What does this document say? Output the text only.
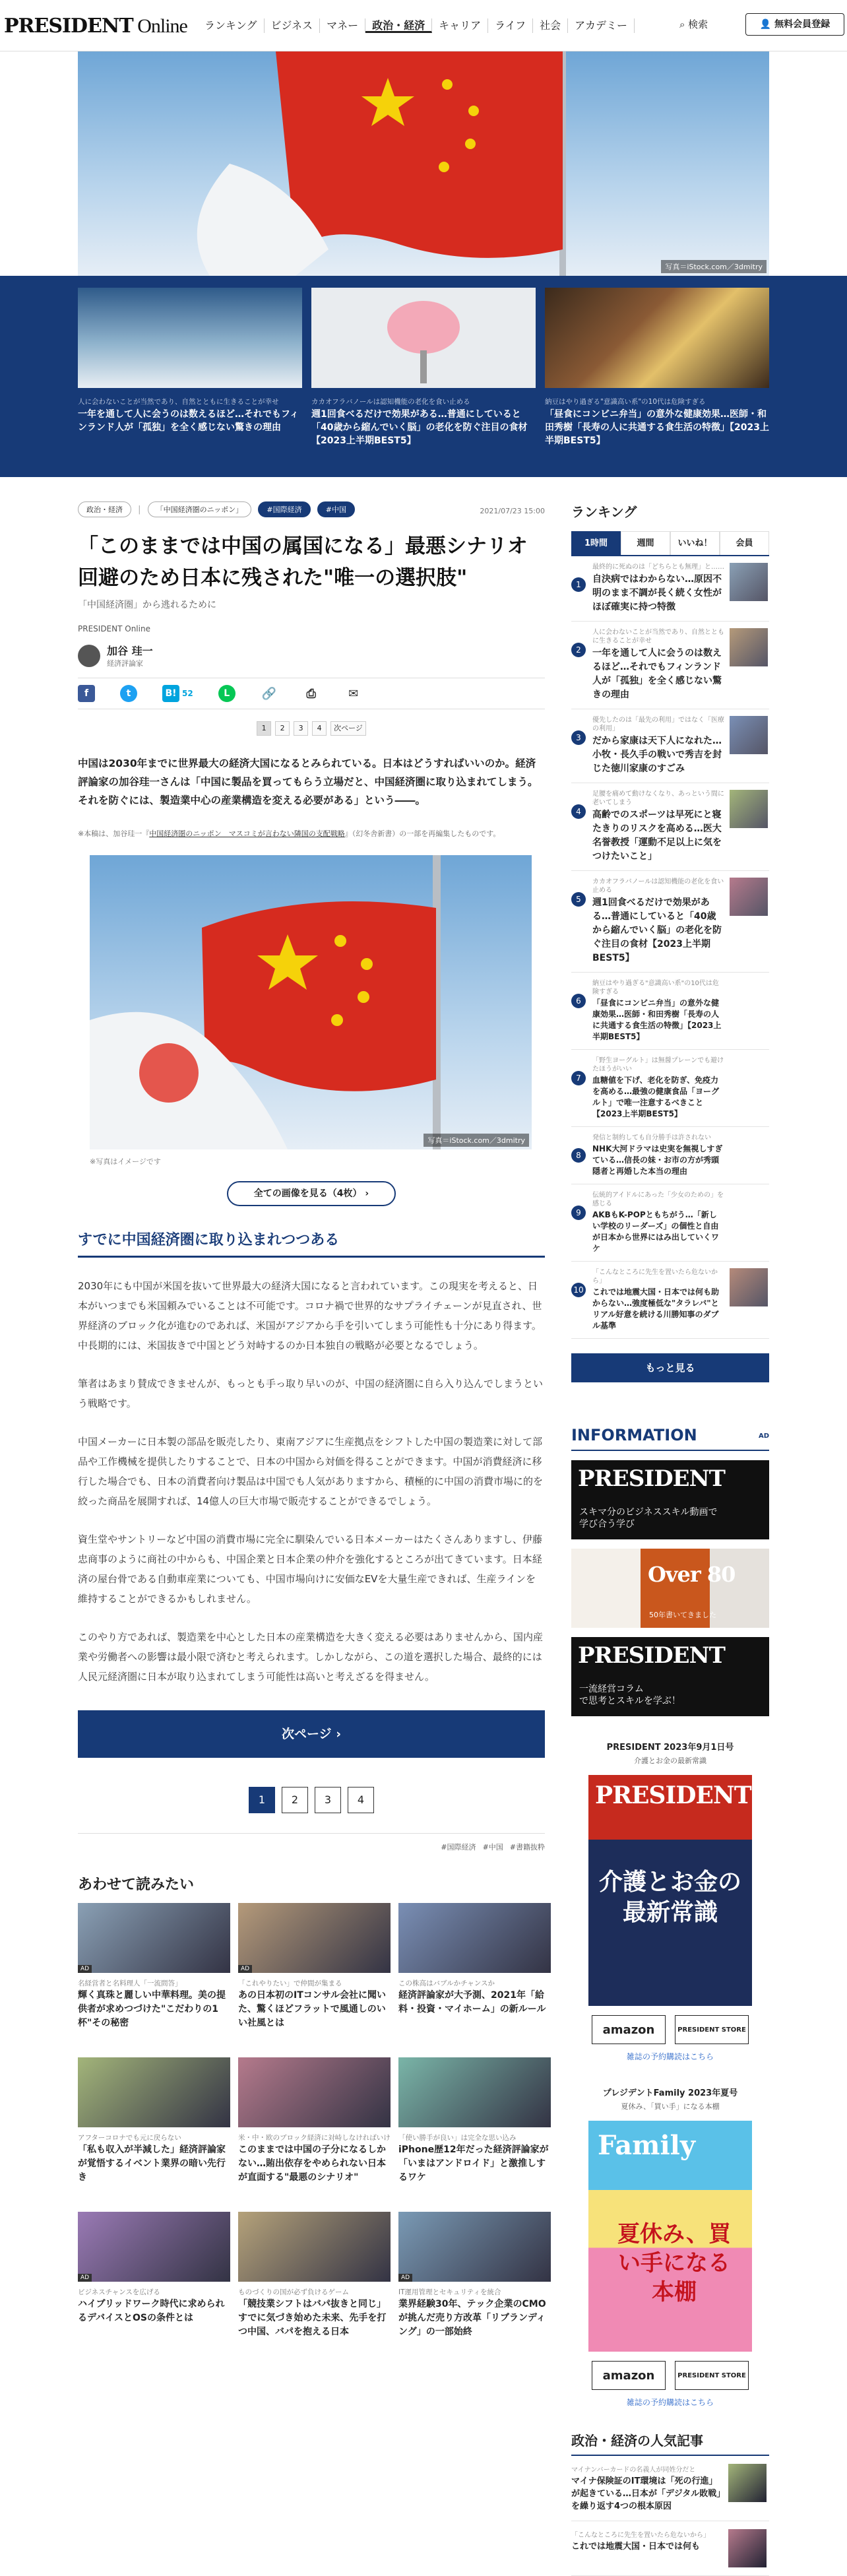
PRESIDENT Online	ランキング	ビジネス	マネー	政治・経済	キャリア	ライフ	社会	アカデミー	⌕ 検索	👤 無料会員登録
写真＝iStock.com／3dmitry
人に会わないことが当然であり、自然とともに生きることが幸せ
一年を通して人に会うのは数えるほど…それでもフィンランド人が「孤独」を全く感じない驚きの理由
カカオフラバノールは認知機能の老化を食い止める
週1回食べるだけで効果がある…普通にしていると「40歳から縮んでいく脳」の老化を防ぐ注目の食材【2023上半期BEST5】
納豆はやり過ぎる"意識高い系"の10代は危険すぎる
「昼食にコンビニ弁当」の意外な健康効果…医師・和田秀樹「長寿の人に共通する食生活の特徴」【2023上半期BEST5】
政治・経済 | 「中国経済圏のニッポン」	#国際経済	#中国	2021/07/23 15:00
「このままでは中国の属国になる」最悪シナリオ回避のため日本に残された"唯一の選択肢"
「中国経済圏」から逃れるために
PRESIDENT Online
加谷 珪一
経済評論家
f	t	B! 52	L	🔗	⎙	✉
1 2 3 4 次ページ
中国は2030年までに世界最大の経済大国になるとみられている。日本はどうすればいいのか。経済評論家の加谷珪一さんは「中国に製品を買ってもらう立場だと、中国経済圏に取り込まれてしまう。それを防ぐには、製造業中心の産業構造を変える必要がある」という――。
※本稿は、加谷珪一『中国経済圏のニッポン　マスコミが言わない隣国の支配戦略』（幻冬舎新書）の一部を再編集したものです。
写真＝iStock.com／3dmitry
※写真はイメージです
全ての画像を見る（4枚） ›
すでに中国経済圏に取り込まれつつある

2030年にも中国が米国を抜いて世界最大の経済大国になると言われています。この現実を考えると、日本がいつまでも米国頼みでいることは不可能です。コロナ禍で世界的なサプライチェーンが見直され、世界経済のブロック化が進むのであれば、米国がアジアから手を引いてしまう可能性も十分にあり得ます。中長期的には、米国抜きで中国とどう対峙するのか日本独自の戦略が必要となるでしょう。

筆者はあまり賛成できませんが、もっとも手っ取り早いのが、中国の経済圏に自ら入り込んでしまうという戦略です。

中国メーカーに日本製の部品を販売したり、東南アジアに生産拠点をシフトした中国の製造業に対して部品や工作機械を提供したりすることで、日本の中国から対価を得ることができます。中国が消費経済に移行した場合でも、日本の消費者向け製品は中国でも人気がありますから、積極的に中国の消費市場に的を絞った商品を展開すれば、14億人の巨大市場で販売することができるでしょう。

資生堂やサントリーなど中国の消費市場に完全に馴染んでいる日本メーカーはたくさんありますし、伊藤忠商事のように商社の中からも、中国企業と日本企業の仲介を強化するところが出てきています。日本経済の屋台骨である自動車産業についても、中国市場向けに安価なEVを大量生産できれば、生産ラインを維持することができるかもしれません。

このやり方であれば、製造業を中心とした日本の産業構造を大きく変える必要はありませんから、国内産業や労働者への影響は最小限で済むと考えられます。しかしながら、この道を選択した場合、最終的には人民元経済圏に日本が取り込まれてしまう可能性は高いと考えざるを得ません。

次ページ ›
1 2 3 4
#国際経済 #中国 #書籍抜粋
あわせて読みたい
AD
名経営者と名料理人「一流問答」
輝く真珠と麗しい中華料理。美の提供者が求めつづけた"こだわりの1杯"その秘密
AD
「これやりたい」で仲間が集まる
あの日本初のITコンサル会社に聞いた、驚くほどフラットで風通しのいい社風とは
この株高はバブルかチャンスか
経済評論家が大予測、2021年「給料・投資・マイホーム」の新ルール
アフターコロナでも元に戻らない
「私も収入が半減した」経済評論家が覚悟するイベント業界の暗い先行き
米・中・欧のブロック経済に対峙しなければいけ
このままでは中国の子分になるしかない…賄出依存をやめられない日本が直面する"最悪のシナリオ"
「使い勝手が良い」は完全な思い込み
iPhone歴12年だった経済評論家が「いまはアンドロイド」と激推しするワケ
AD
ビジネスチャンスを広げる
ハイブリッドワーク時代に求められるデバイスとOSの条件とは
ものづくりの国が必ず負けるゲーム
「競技業シフトはバパ抜きと同じ」すでに気づき始めた未来、先手を打つ中国、バパを抱える日本
AD
IT運用管理とセキュリティを統合
業界経験30年、テック企業のCMOが挑んだ売り方改革「リブランディング」の一部始終
ランキング
1時間	週間	いいね！	会員
1
最終的に死ぬのは「どちらとも無理」と……
自決病ではわからない…原因不明のまま不調が長く続く女性がほぼ確実に持つ特徴
2
人に会わないことが当然であり、自然とともに生きることが幸せ
一年を通して人に会うのは数えるほど…それでもフィンランド人が「孤独」を全く感じない驚きの理由
3
優先したのは「最先の利用」ではなく「医療の利用」
だから家康は天下人になれた…小牧・長久手の戦いで秀吉を封じた徳川家康のすごみ
4
足腰を痛めて動けなくなり、あっという間に老いてしまう
高齢でのスポーツは早死にと寝たきりのリスクを高める…医大名誉教授「運動不足以上に気をつけたいこと」
5
カカオフラバノールは認知機能の老化を食い止める
週1回食べるだけで効果がある…普通にしていると「40歳から縮んでいく脳」の老化を防ぐ注目の食材【2023上半期BEST5】
6
納豆はやり過ぎる"意識高い系"の10代は危険すぎる
「昼食にコンビニ弁当」の意外な健康効果…医師・和田秀樹「長寿の人に共通する食生活の特徴」【2023上半期BEST5】
7
「野生ヨーグルト」は無醤プレーンでも避けたほうがいい
血糖値を下げ、老化を防ぎ、免疫力を高める…最強の健康食品「ヨーグルト」で唯一注意するべきこと【2023上半期BEST5】
8
発信と制約しても自分勝手は許されない
NHK大河ドラマは史実を無視しすぎている…信長の妹・お市の方が秀頭隠者と再婚した本当の理由
9
伝統的アイドルにあった「少女のための」を感じる
AKBもK-POPともちがう…「新しい学校のリーダーズ」の個性と自由が日本から世界にはみ出していくワケ
10
「こんなところに先生を置いたら危ないから」
これでは地震大国・日本では何も助からない…強度極低な"タラレバ"とリアル好意を続ける川勝知事のダブル基準
もっと見る
INFORMATION	AD
PRESIDENT
スキマ分のビジネススキル動画で
学び合う学び
Over 80
50年書いてきました
PRESIDENT
一流経営コラム
で思考とスキルを学ぶ！
PRESIDENT 2023年9月1日号
介護とお金の最新常識
PRESIDENT
介護とお金の最新常識
amazon	PRESIDENT STORE
雑誌の予約購読はこちら
プレジデントFamily 2023年夏号
夏休み、「買い手」になる本棚
Family
夏休み、買い手になる本棚
amazon	PRESIDENT STORE
雑誌の予約購読はこちら
政治・経済の人気記事
マイナンバーカードの名義人が同姓分だと
マイナ保険証のIT環境は「死の行進」が起きている…日本が「デジタル敗戦」を繰り返す4つの根本原因
「こんなところに先生を置いたら危ないから」
これでは地震大国・日本では何も
